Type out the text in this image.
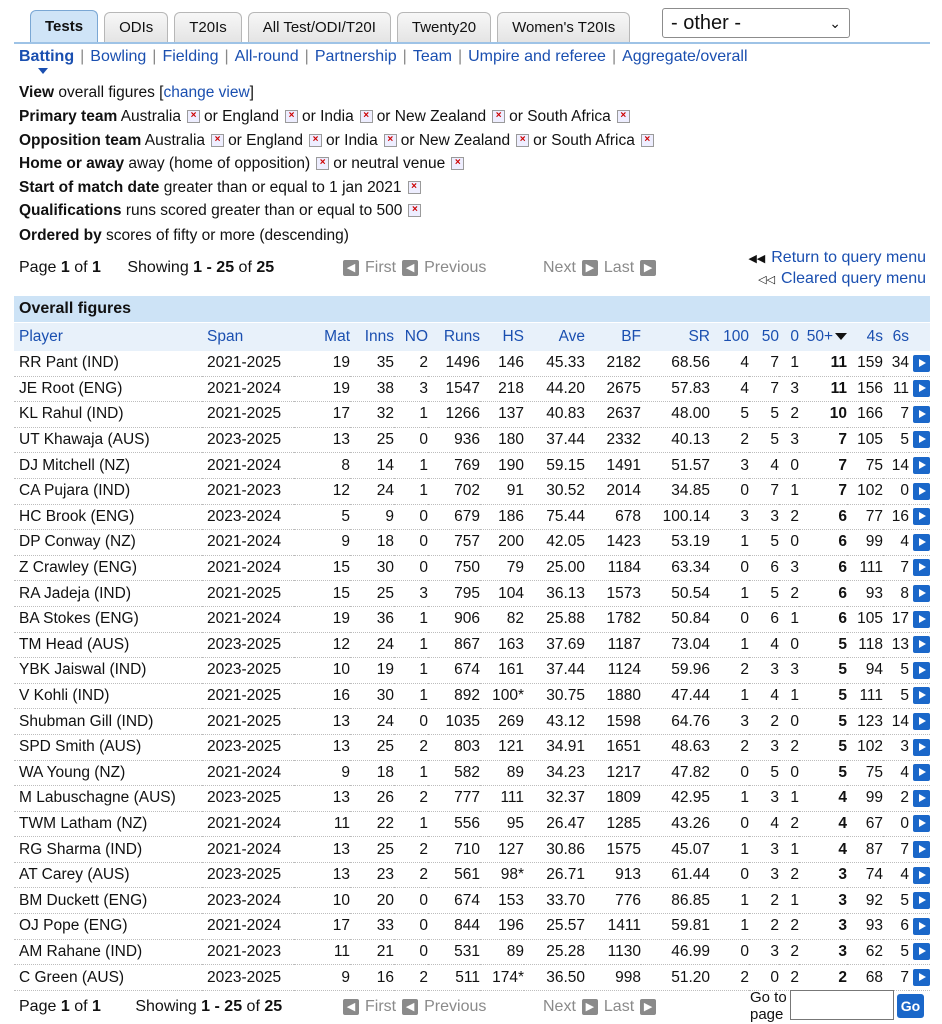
Tests	ODIs	T20Is	All Test/ODI/T20I	Twenty20	Women's T20Is	- other -	⌄
Batting | Bowling | Fielding | All-round | Partnership | Team | Umpire and referee | Aggregate/overall
View overall figures [change view]
Primary team Australia × or England × or India × or New Zealand × or South Africa ×
Opposition team Australia × or England × or India × or New Zealand × or South Africa ×
Home or away away (home of opposition) × or neutral venue ×
Start of match date greater than or equal to 1 jan 2021 ×
Qualifications runs scored greater than or equal to 500 ×
Ordered by scores of fifty or more (descending)
Page 1 of 1 Showing 1 - 25 of 25	◀ First ◀ Previous	Next ▶ Last ▶
◀◀ Return to query menu
◁◁ Cleared query menu
Overall figures
Player	Span	Mat	Inns	NO	Runs	HS	Ave	BF	SR	100	50	0	50+	4s	6s	
RR Pant (IND)	2021-2025	19	35	2	1496	146	45.33	2182	68.56	4	7	1	11	159	34	
JE Root (ENG)	2021-2024	19	38	3	1547	218	44.20	2675	57.83	4	7	3	11	156	11	
KL Rahul (IND)	2021-2025	17	32	1	1266	137	40.83	2637	48.00	5	5	2	10	166	7	
UT Khawaja (AUS)	2023-2025	13	25	0	936	180	37.44	2332	40.13	2	5	3	7	105	5	
DJ Mitchell (NZ)	2021-2024	8	14	1	769	190	59.15	1491	51.57	3	4	0	7	75	14	
CA Pujara (IND)	2021-2023	12	24	1	702	91	30.52	2014	34.85	0	7	1	7	102	0	
HC Brook (ENG)	2023-2024	5	9	0	679	186	75.44	678	100.14	3	3	2	6	77	16	
DP Conway (NZ)	2021-2024	9	18	0	757	200	42.05	1423	53.19	1	5	0	6	99	4	
Z Crawley (ENG)	2021-2024	15	30	0	750	79	25.00	1184	63.34	0	6	3	6	111	7	
RA Jadeja (IND)	2021-2025	15	25	3	795	104	36.13	1573	50.54	1	5	2	6	93	8	
BA Stokes (ENG)	2021-2024	19	36	1	906	82	25.88	1782	50.84	0	6	1	6	105	17	
TM Head (AUS)	2023-2025	12	24	1	867	163	37.69	1187	73.04	1	4	0	5	118	13	
YBK Jaiswal (IND)	2023-2025	10	19	1	674	161	37.44	1124	59.96	2	3	3	5	94	5	
V Kohli (IND)	2021-2025	16	30	1	892	100*	30.75	1880	47.44	1	4	1	5	111	5	
Shubman Gill (IND)	2021-2025	13	24	0	1035	269	43.12	1598	64.76	3	2	0	5	123	14	
SPD Smith (AUS)	2023-2025	13	25	2	803	121	34.91	1651	48.63	2	3	2	5	102	3	
WA Young (NZ)	2021-2024	9	18	1	582	89	34.23	1217	47.82	0	5	0	5	75	4	
M Labuschagne (AUS)	2023-2025	13	26	2	777	111	32.37	1809	42.95	1	3	1	4	99	2	
TWM Latham (NZ)	2021-2024	11	22	1	556	95	26.47	1285	43.26	0	4	2	4	67	0	
RG Sharma (IND)	2021-2024	13	25	2	710	127	30.86	1575	45.07	1	3	1	4	87	7	
AT Carey (AUS)	2023-2025	13	23	2	561	98*	26.71	913	61.44	0	3	2	3	74	4	
BM Duckett (ENG)	2023-2024	10	20	0	674	153	33.70	776	86.85	1	2	1	3	92	5	
OJ Pope (ENG)	2021-2024	17	33	0	844	196	25.57	1411	59.81	1	2	2	3	93	6	
AM Rahane (IND)	2021-2023	11	21	0	531	89	25.28	1130	46.99	0	3	2	3	62	5	
C Green (AUS)	2023-2025	9	16	2	511	174*	36.50	998	51.20	2	0	2	2	68	7	
Page 1 of 1 Showing 1 - 25 of 25	◀ First ◀ Previous	Next ▶ Last ▶
Go to
page	Go
